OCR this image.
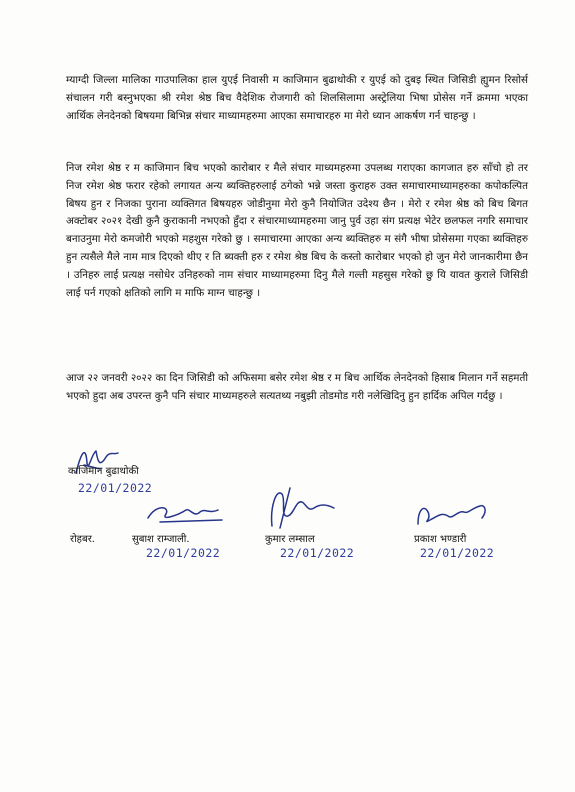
म्याग्दी जिल्ला मालिका गाउपालिका हाल युएई निवासी म काजिमान बुढाथोकी र युएई को दुबइ स्थित जिसिडी ह्युमन रिसोर्स संचालन गरी बस्नुभएका श्री रमेश श्रेष्ठ बिच वैदेशिक रोजगारी को शिलसिलामा अस्ट्रेलिया भिषा प्रोसेस गर्ने क्रममा भएका आर्थिक लेनदेनको बिषयमा बिभिन्न संचार माध्यामहरुमा आएका समाचारहरु मा मेरो ध्यान आकर्षण गर्न चाहन्छु ।

निज रमेश श्रेष्ठ र म काजिमान बिच भएको कारोबार र मैले संचार माध्यमहरुमा उपलब्ध गराएका कागजात हरु साँचो हो तर निज रमेश श्रेष्ठ फरार रहेको लगायत अन्य ब्यक्तिहरुलाई ठगेको भन्ने जस्ता कुराहरु उक्त समाचारमाध्यामहरुका कपोकल्पित बिषय हुन र निजका पुराना व्यक्तिगत बिषयहरु जोडीनुमा मेरो कुनै नियोजित उदेश्य छैन । मेरो र रमेश श्रेष्ठ को बिच बिगत अक्टोबर २०२१ देखी कुनै कुराकानी नभएको हुँदा र संचारमाध्यामहरुमा जानु पुर्व उहा संग प्रत्यक्ष भेटेर छलफल नगरि समाचार बनाउनुमा मेरो कमजोरी भएको महशुस गरेको छु । समाचारमा आएका अन्य ब्यक्तिहरु म संगै भीषा प्रोसेसमा गएका ब्यक्तिहरु हुन त्यसैले मैले नाम मात्र दिएको थीए र ति ब्यक्ती हरु र रमेश श्रेष्ठ बिच के कस्तो कारोबार भएको हो जुन मेरो जानकारीमा छैन । उनिहरु लाई प्रत्यक्ष नसोधेर उनिहरुको नाम संचार माध्यामहरुमा दिनु मैले गल्ती महसुस गरेको छु यि यावत कुराले जिसिडी लाई पर्न गएको क्षतिको लागि म माफि माग्न चाहन्छु ।

आज २२ जनवरी २०२२ का दिन जिसिडी को अफिसमा बसेर रमेश श्रेष्ठ र म बिच आर्थिक लेनदेनको हिसाब मिलान गर्ने सहमती भएको हुदा अब उपरन्त कुनै पनि संचार माध्यमहरुले सत्यतथ्य नबुझी तोडमोड गरी नलेखिदिनु हुन हार्दिक अपिल गर्दछु ।

काजिमान बुढाथोकी
22/01/2022
रोहबर.	सुबाश राम्जाली.
22/01/2022
कुमार लम्साल
22/01/2022
प्रकाश भण्डारी
22/01/2022
